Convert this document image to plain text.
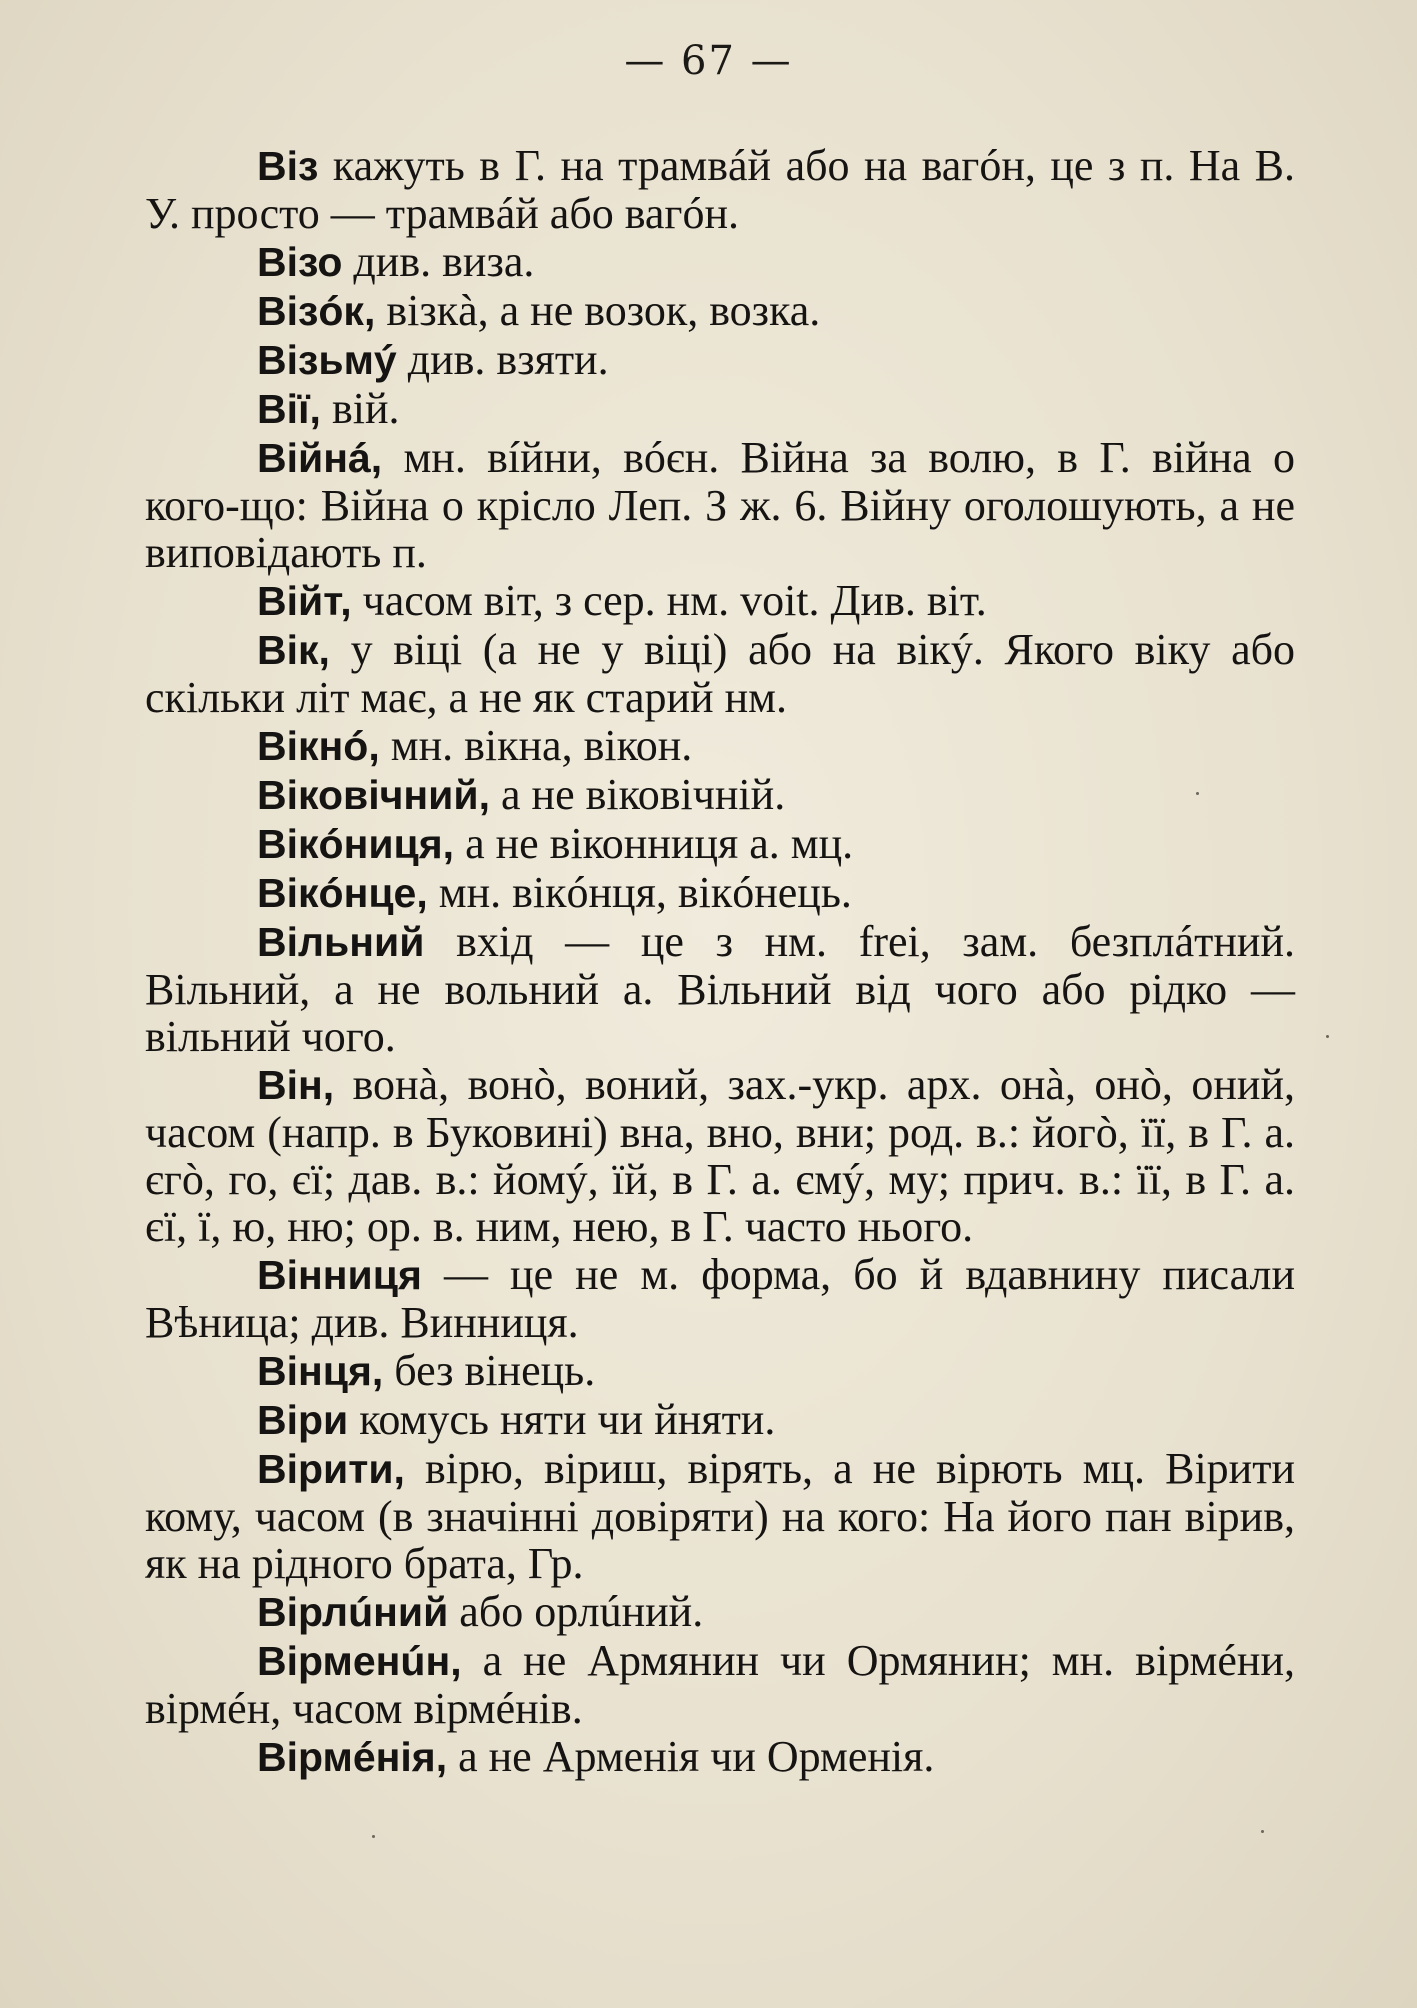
— 67 —

Віз кажуть в Г. на трамвáй або на вагóн, це з п. На В. У. просто — трамвáй або вагóн.

Візо див. виза.

Візóк, візкà, а не возок, возка.

Візьмý див. взяти.

Вії, вій.

Війнá, мн. вíйни, вóєн. Війна за волю, в Г. війна о кого-що: Війна о крісло Леп. З ж. 6. Війну оголошують, а не виповідають п.

Війт, часом віт, з сер. нм. voit. Див. віт.

Вік, у віці (а не у віці) або на вікý. Якого віку або скільки літ має, а не як старий нм.

Вікнó, мн. вікна, вікон.

Віковічний, а не віковічній.

Вікóниця, а не віконниця а. мц.

Вікóнце, мн. вікóнця, вікóнець.

Вільний вхід — це з нм. frei, зам. безплáтний. Вільний, а не вольний а. Вільний від чого або рідко — вільний чого.

Він, вонà, вонò, воний, зах.-укр. арх. онà, онò, оний, часом (напр. в Буковині) вна, вно, вни; род. в.: йогò, її, в Г. а. єгò, го, єї; дав. в.: йомý, їй, в Г. а. ємý, му; прич. в.: її, в Г. а. єї, ї, ю, ню; ор. в. ним, нею, в Г. часто нього.

Вінниця — це не м. форма, бо й вдавнину писали Вѣница; див. Винниця.

Вінця, без вінець.

Віри комусь няти чи йняти.

Вірити, вірю, віриш, вірять, а не вірють мц. Вірити кому, часом (в значінні довіряти) на кого: На його пан вірив, як на рідного брата, Гр.

Вірлúний або орлúний.

Вірменúн, а не Армянин чи Ормянин; мн. вірмéни, вірмéн, часом вірмéнів.

Вірмéнія, а не Арменія чи Орменія.
